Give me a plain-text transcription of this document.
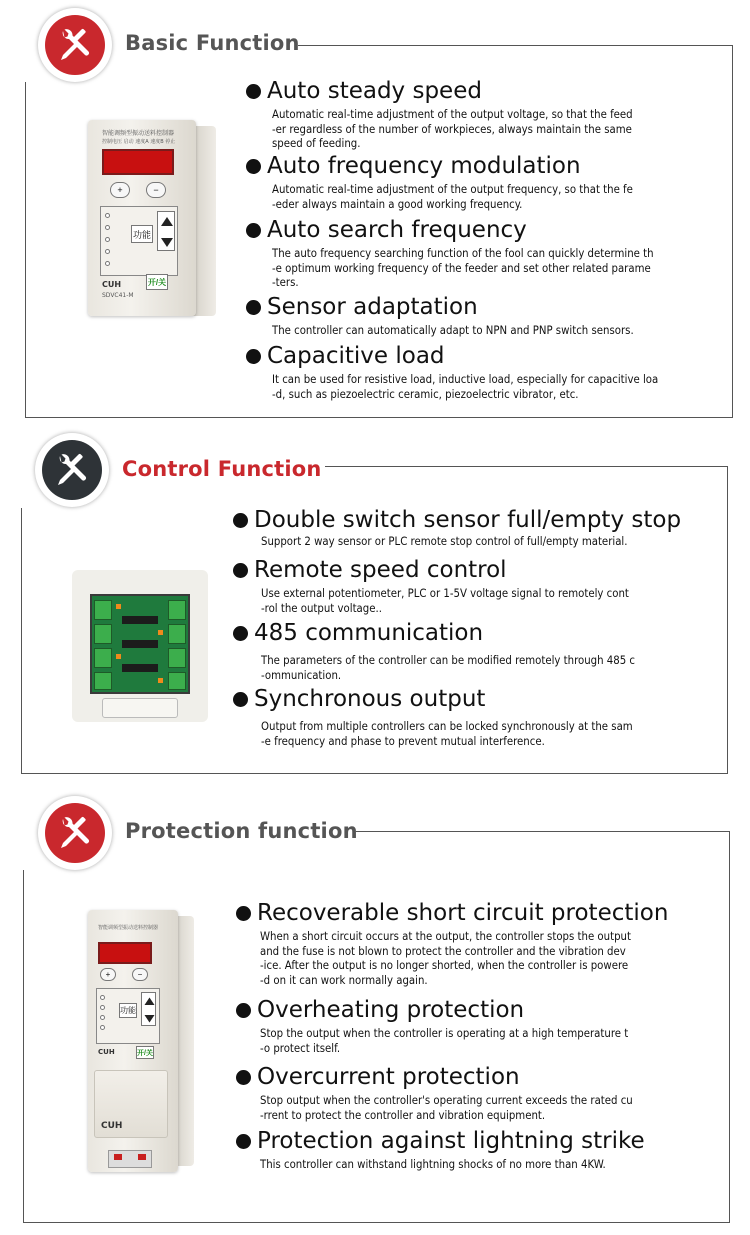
Basic Function
智能调频型振动送料控制器
控制电压 启动 速度A 速度B 停止
+	−
功能
CUH
SDVC41-M
开/关
Auto steady speed
Automatic real-time adjustment of the output voltage, so that the feed
-er regardless of the number of workpieces, always maintain the same
speed of feeding.
Auto frequency modulation
Automatic real-time adjustment of the output frequency, so that the fe
-eder always maintain a good working frequency.
Auto search frequency
The auto frequency searching function of the fool can quickly determine th
-e optimum working frequency of the feeder and set other related parame
-ters.
Sensor adaptation
The controller can automatically adapt to NPN and PNP switch sensors.
Capacitive load
It can be used for resistive load, inductive load, especially for capacitive loa
-d, such as piezoelectric ceramic, piezoelectric vibrator, etc.
Control Function
Double switch sensor full/empty stop
Support 2 way sensor or PLC remote stop control of full/empty material.
Remote speed control
Use external potentiometer, PLC or 1-5V voltage signal to remotely cont
-rol the output voltage..
485 communication
The parameters of the controller can be modified remotely through 485 c
-ommunication.
Synchronous output
Output from multiple controllers can be locked synchronously at the sam
-e frequency and phase to prevent mutual interference.
Protection function
智能调频型振动送料控制器
+	−
功能
CUH	开/关
CUH
Recoverable short circuit protection
When a short circuit occurs at the output, the controller stops the output
and the fuse is not blown to protect the controller and the vibration dev
-ice. After the output is no longer shorted, when the controller is powere
-d on it can work normally again.
Overheating protection
Stop the output when the controller is operating at a high temperature t
-o protect itself.
Overcurrent protection
Stop output when the controller's operating current exceeds the rated cu
-rrent to protect the controller and vibration equipment.
Protection against lightning strike
This controller can withstand lightning shocks of no more than 4KW.
